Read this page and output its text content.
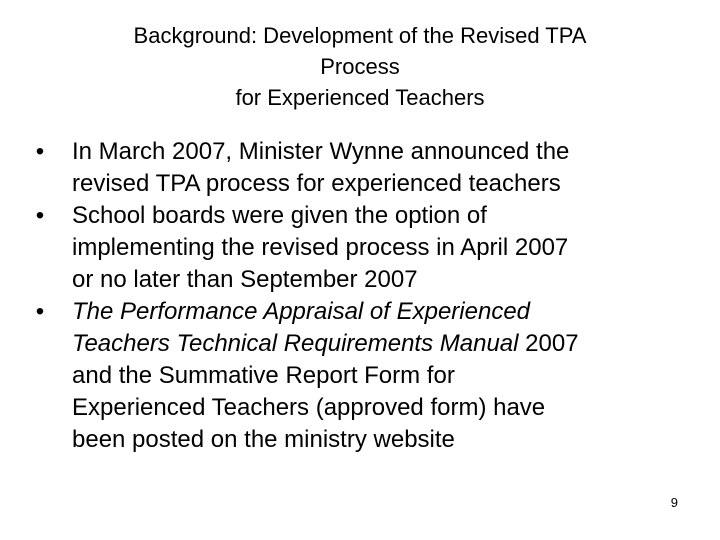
Background: Development of the Revised TPA
Process
for Experienced Teachers
• In March 2007, Minister Wynne announced the
revised TPA process for experienced teachers
• School boards were given the option of
implementing the revised process in April 2007
or no later than September 2007
• The Performance Appraisal of Experienced
Teachers Technical Requirements Manual 2007
and the Summative Report Form for
Experienced Teachers (approved form) have
been posted on the ministry website
9
